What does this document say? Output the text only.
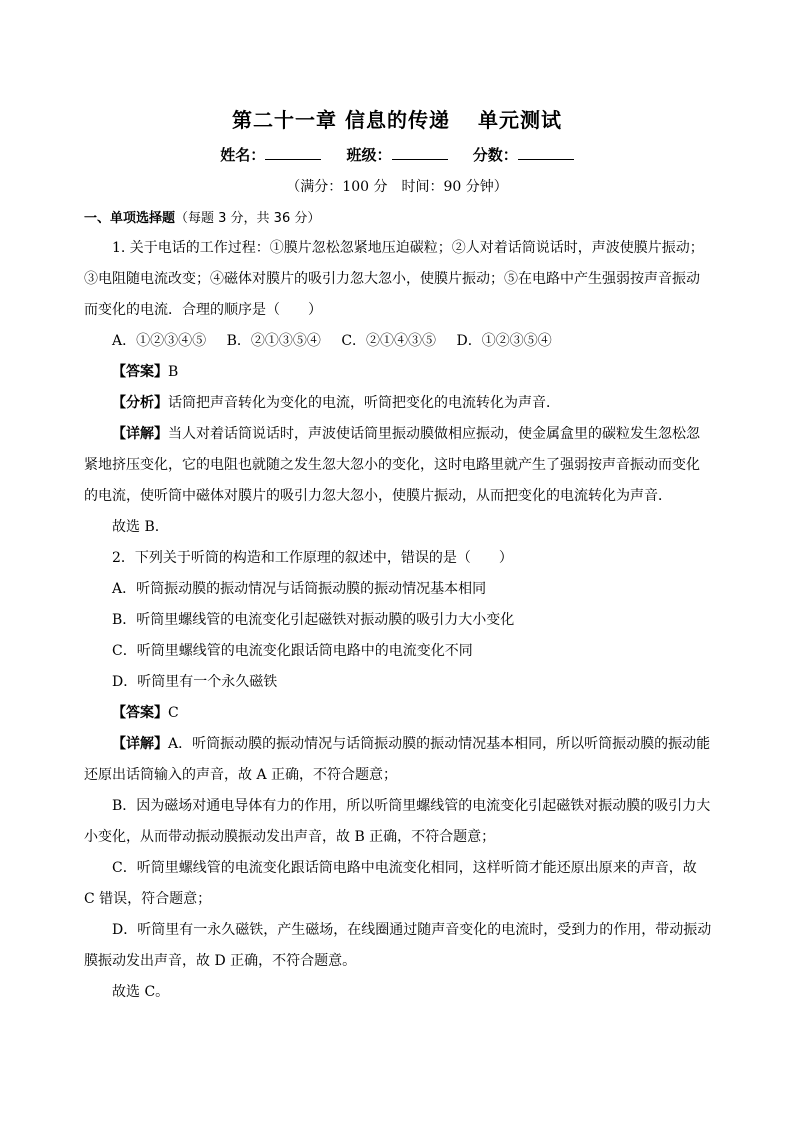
第二十一章 信息的传递 单元测试
姓名：	班级：	分数：
（满分：100 分　时间：90 分钟）
一、单项选择题（每题 3 分，共 36 分）

1. 关于电话的工作过程：①膜片忽松忽紧地压迫碳粒；②人对着话筒说话时，声波使膜片振动；

③电阻随电流改变；④磁体对膜片的吸引力忽大忽小，使膜片振动；⑤在电路中产生强弱按声音振动

而变化的电流．合理的顺序是（　　）

A．①②③④⑤ B．②①③⑤④ C．②①④③⑤ D．①②③⑤④

【答案】B

【分析】话筒把声音转化为变化的电流，听筒把变化的电流转化为声音．

【详解】当人对着话筒说话时，声波使话筒里振动膜做相应振动，使金属盒里的碳粒发生忽松忽

紧地挤压变化，它的电阻也就随之发生忽大忽小的变化，这时电路里就产生了强弱按声音振动而变化

的电流，使听筒中磁体对膜片的吸引力忽大忽小，使膜片振动，从而把变化的电流转化为声音．

故选 B.

2．下列关于听筒的构造和工作原理的叙述中，错误的是（　　）

A．听筒振动膜的振动情况与话筒振动膜的振动情况基本相同

B．听筒里螺线管的电流变化引起磁铁对振动膜的吸引力大小变化

C．听筒里螺线管的电流变化跟话筒电路中的电流变化不同

D．听筒里有一个永久磁铁

【答案】C

【详解】A．听筒振动膜的振动情况与话筒振动膜的振动情况基本相同，所以听筒振动膜的振动能

还原出话筒输入的声音，故 A 正确，不符合题意；

B．因为磁场对通电导体有力的作用，所以听筒里螺线管的电流变化引起磁铁对振动膜的吸引力大

小变化，从而带动振动膜振动发出声音，故 B 正确，不符合题意；

C．听筒里螺线管的电流变化跟话筒电路中电流变化相同，这样听筒才能还原出原来的声音，故

C 错误，符合题意；

D．听筒里有一永久磁铁，产生磁场，在线圈通过随声音变化的电流时，受到力的作用，带动振动

膜振动发出声音，故 D 正确，不符合题意。

故选 C。
